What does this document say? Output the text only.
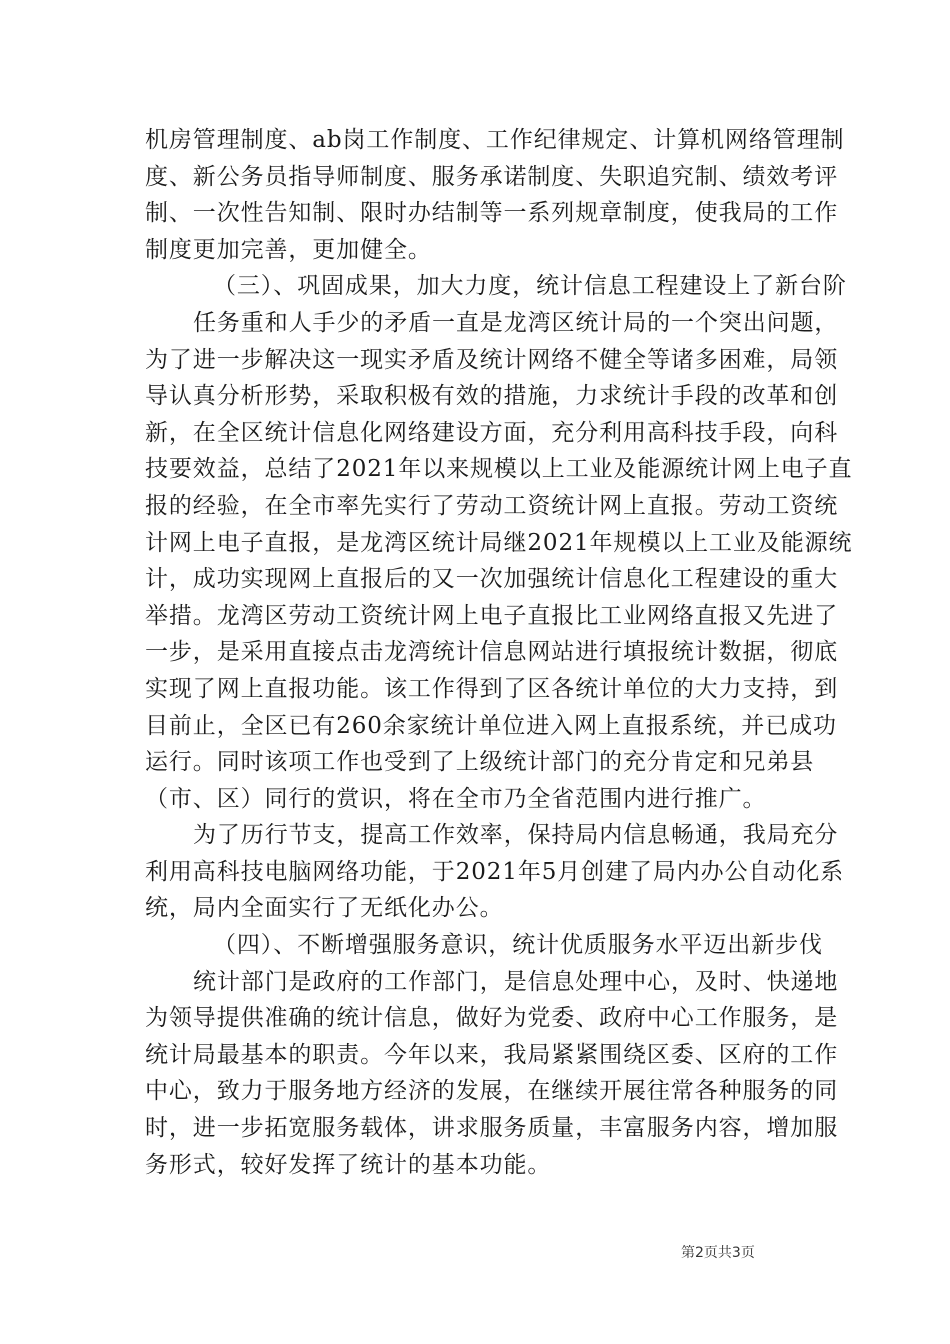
机房管理制度、ab岗工作制度、工作纪律规定、计算机网络管理制
度、新公务员指导师制度、服务承诺制度、失职追究制、绩效考评
制、一次性告知制、限时办结制等一系列规章制度，使我局的工作
制度更加完善，更加健全。
（三）、巩固成果，加大力度，统计信息工程建设上了新台阶
任务重和人手少的矛盾一直是龙湾区统计局的一个突出问题，
为了进一步解决这一现实矛盾及统计网络不健全等诸多困难，局领
导认真分析形势，采取积极有效的措施，力求统计手段的改革和创
新，在全区统计信息化网络建设方面，充分利用高科技手段，向科
技要效益，总结了2021年以来规模以上工业及能源统计网上电子直
报的经验，在全市率先实行了劳动工资统计网上直报。劳动工资统
计网上电子直报，是龙湾区统计局继2021年规模以上工业及能源统
计，成功实现网上直报后的又一次加强统计信息化工程建设的重大
举措。龙湾区劳动工资统计网上电子直报比工业网络直报又先进了
一步，是采用直接点击龙湾统计信息网站进行填报统计数据，彻底
实现了网上直报功能。该工作得到了区各统计单位的大力支持，到
目前止，全区已有260余家统计单位进入网上直报系统，并已成功
运行。同时该项工作也受到了上级统计部门的充分肯定和兄弟县
（市、区）同行的赏识，将在全市乃全省范围内进行推广。
为了历行节支，提高工作效率，保持局内信息畅通，我局充分
利用高科技电脑网络功能，于2021年5月创建了局内办公自动化系
统，局内全面实行了无纸化办公。
（四）、不断增强服务意识，统计优质服务水平迈出新步伐
统计部门是政府的工作部门，是信息处理中心，及时、快递地
为领导提供准确的统计信息，做好为党委、政府中心工作服务，是
统计局最基本的职责。今年以来，我局紧紧围绕区委、区府的工作
中心，致力于服务地方经济的发展，在继续开展往常各种服务的同
时，进一步拓宽服务载体，讲求服务质量，丰富服务内容，增加服
务形式，较好发挥了统计的基本功能。
第2页共3页
